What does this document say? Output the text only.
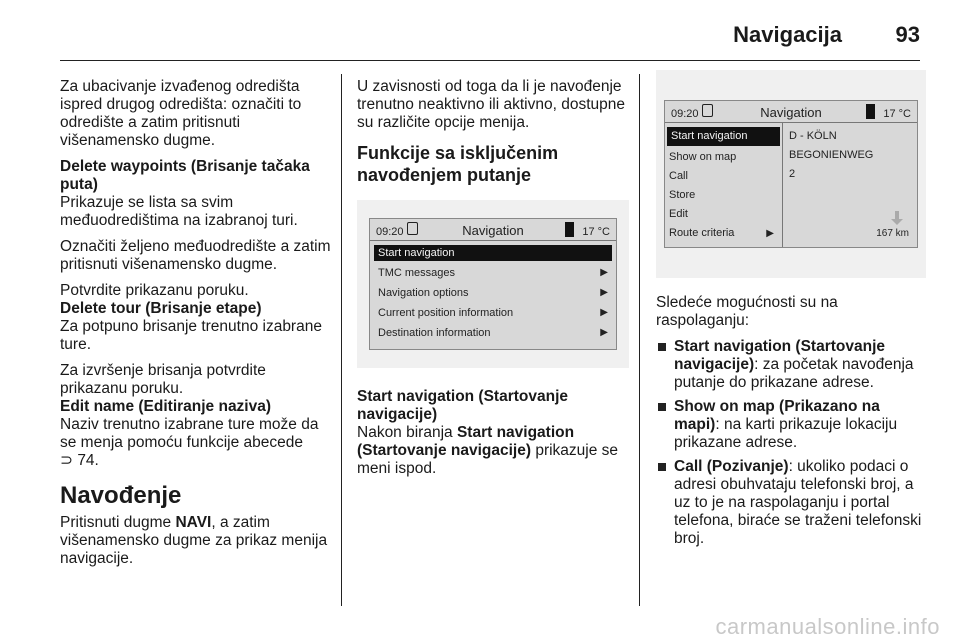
Navigacija 93

Za ubacivanje izvađenog odredišta ispred drugog odredišta: označiti to odredište a zatim pritisnuti višenamensko dugme.

Delete waypoints (Brisanje tačaka puta)

Prikazuje se lista sa svim međuodredištima na izabranoj turi.

Označiti željeno međuodredište a zatim pritisnuti višenamensko dugme.

Potvrdite prikazanu poruku.

Delete tour (Brisanje etape)

Za potpuno brisanje trenutno izabrane ture.

Za izvršenje brisanja potvrdite prikazanu poruku.

Edit name (Editiranje naziva)

Naziv trenutno izabrane ture može da se menja pomoću funkcije abecede
⊃ 74.

Navođenje

Pritisnuti dugme NAVI, a zatim višenamensko dugme za prikaz menija navigacije.

U zavisnosti od toga da li je navođenje trenutno neaktivno ili aktivno, dostupne su različite opcije menija.

Funkcije sa isključenim navođenjem putanje
09:20	Navigation	17 °C
Start navigation
TMC messages	▶
Navigation options	▶
Current position information	▶
Destination information	▶

Start navigation (Startovanje navigacije)

Nakon biranja Start navigation (Startovanje navigacije) prikazuje se meni ispod.

09:20	Navigation	17 °C
Start navigation
Show on map
Call
Store
Edit
Route criteria	▶
D - KÖLN
BEGONIENWEG
2
167 km

Sledeće mogućnosti su na raspolaganju:

Start navigation (Startovanje navigacije): za početak navođenja putanje do prikazane adrese.
Show on map (Prikazano na mapi): na karti prikazuje lokaciju prikazane adrese.
Call (Pozivanje): ukoliko podaci o adresi obuhvataju telefonski broj, a uz to je na raspolaganju i portal telefona, biraće se traženi telefonski broj.
carmanualsonline.info
